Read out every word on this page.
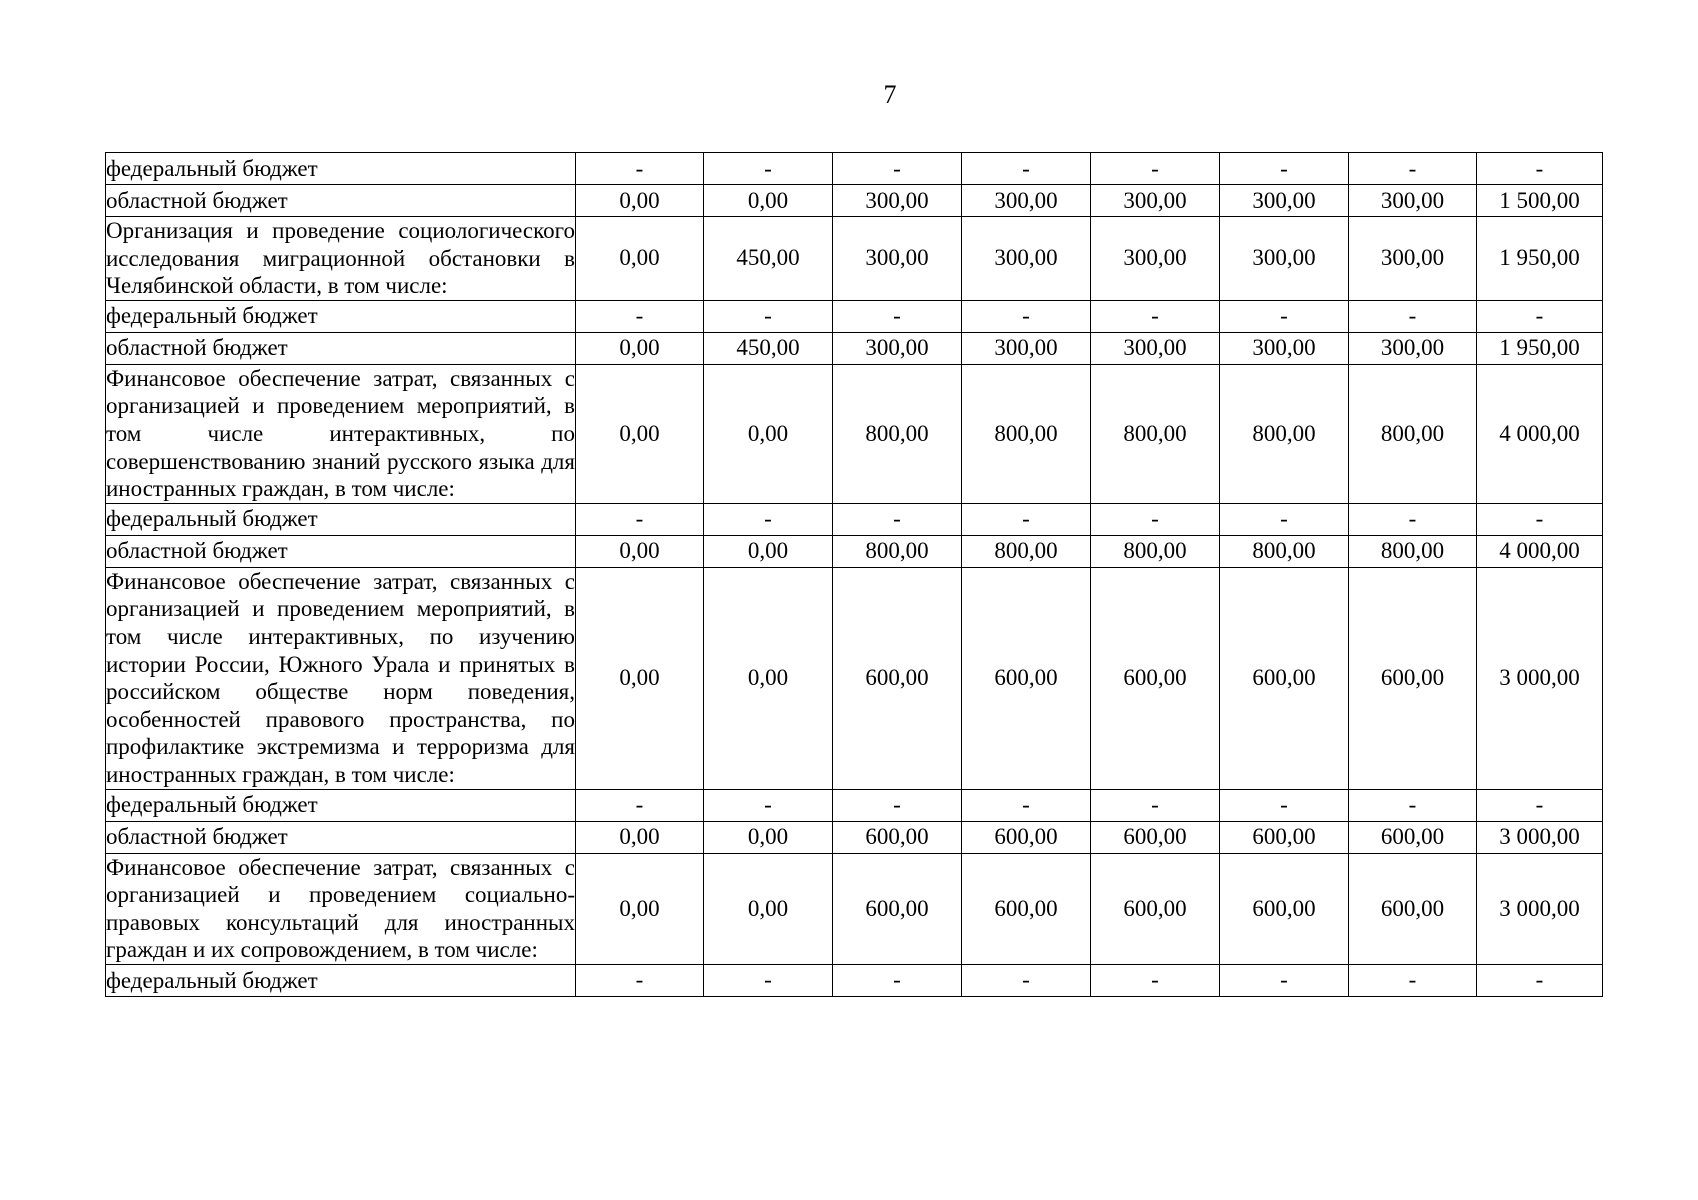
7
федеральный бюджет	-	-	-	-	-	-	-	-
областной бюджет	0,00	0,00	300,00	300,00	300,00	300,00	300,00	1 500,00
Организация и проведение социологического исследования миграционной обстановки в Челябинской области, в том числе:	0,00	450,00	300,00	300,00	300,00	300,00	300,00	1 950,00
федеральный бюджет	-	-	-	-	-	-	-	-
областной бюджет	0,00	450,00	300,00	300,00	300,00	300,00	300,00	1 950,00
Финансовое обеспечение затрат, связанных с организацией и проведением мероприятий, в том числе интерактивных, по совершенствованию знаний русского языка для иностранных граждан, в том числе:	0,00	0,00	800,00	800,00	800,00	800,00	800,00	4 000,00
федеральный бюджет	-	-	-	-	-	-	-	-
областной бюджет	0,00	0,00	800,00	800,00	800,00	800,00	800,00	4 000,00
Финансовое обеспечение затрат, связанных с организацией и проведением мероприятий, в том числе интерактивных, по изучению истории России, Южного Урала и принятых в российском обществе норм поведения, особенностей правового пространства, по профилактике экстремизма и терроризма для иностранных граждан, в том числе:	0,00	0,00	600,00	600,00	600,00	600,00	600,00	3 000,00
федеральный бюджет	-	-	-	-	-	-	-	-
областной бюджет	0,00	0,00	600,00	600,00	600,00	600,00	600,00	3 000,00
Финансовое обеспечение затрат, связанных с организацией и проведением социально-правовых консультаций для иностранных граждан и их сопровождением, в том числе:	0,00	0,00	600,00	600,00	600,00	600,00	600,00	3 000,00
федеральный бюджет	-	-	-	-	-	-	-	-
